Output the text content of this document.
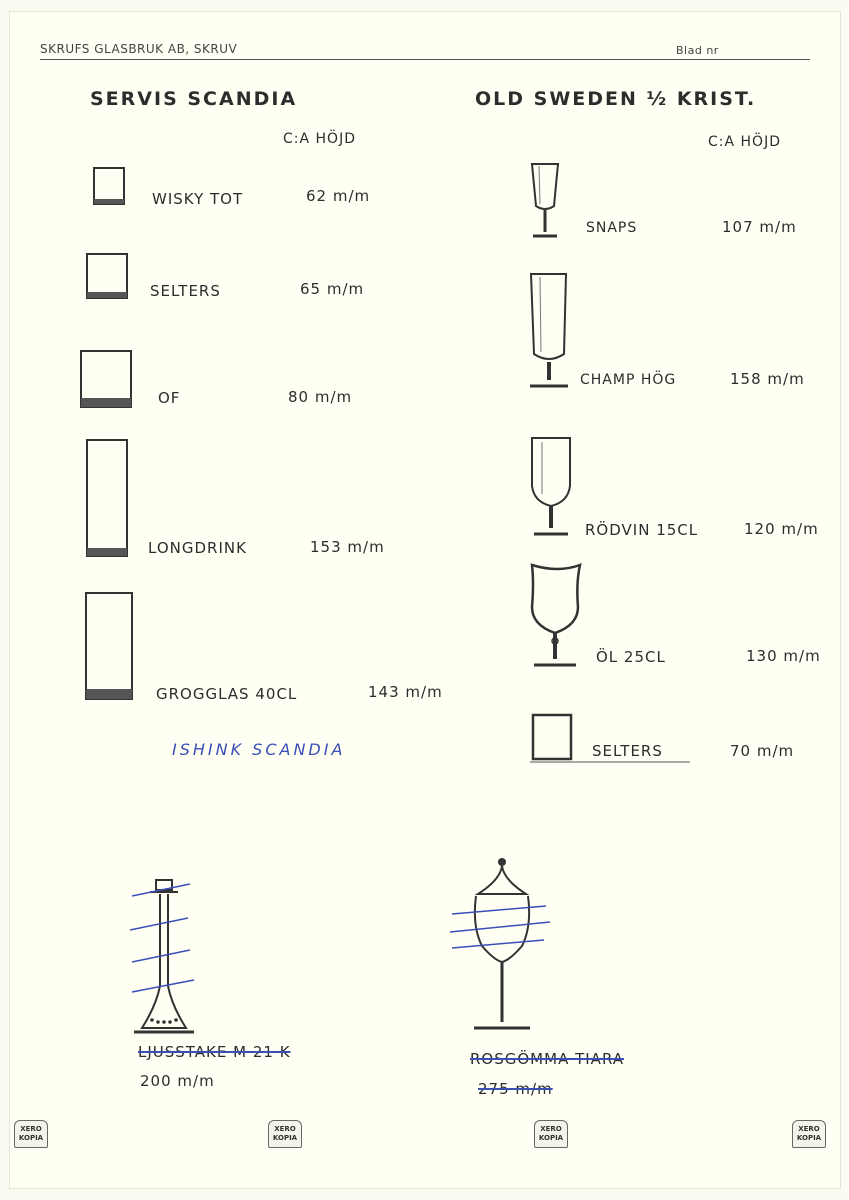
SKRUFS GLASBRUK AB, SKRUV	Blad nr
SERVIS SCANDIA	OLD SWEDEN ½ KRIST.
C:A HÖJD	C:A HÖJD
WISKY TOT	62 m/m
SELTERS	65 m/m
OF	80 m/m
LONGDRINK	153 m/m
GROGGLAS 40CL	143 m/m
ISHINK SCANDIA
SNAPS	107 m/m
CHAMP HÖG	158 m/m
RÖDVIN 15CL	120 m/m
ÖL 25CL	130 m/m
SELTERS	70 m/m
LJUSSTAKE M 21 K
200 m/m
ROSGÖMMA TIARA
275 m/m
XERO
KOPIA
XERO
KOPIA
XERO
KOPIA
XERO
KOPIA
